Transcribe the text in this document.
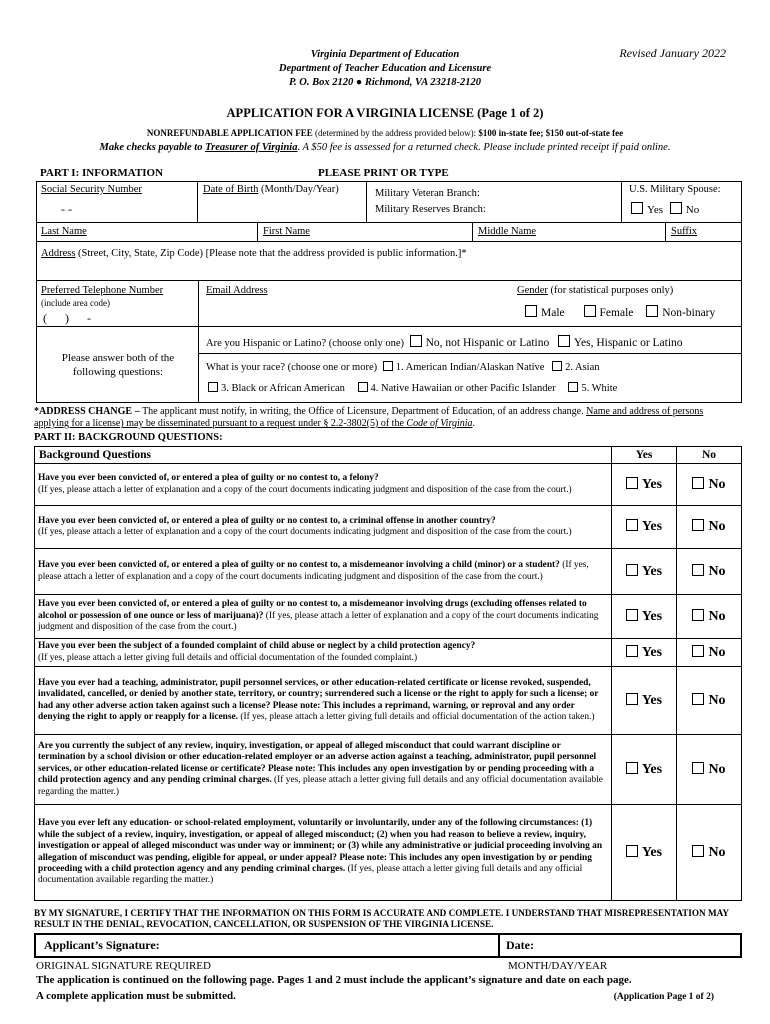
Virginia Department of Education
Department of Teacher Education and Licensure
P. O. Box 2120 ● Richmond, VA 23218-2120
Revised January 2022
APPLICATION FOR A VIRGINIA LICENSE (Page 1 of 2)
NONREFUNDABLE APPLICATION FEE (determined by the address provided below): $100 in-state fee; $150 out-of-state fee
Make checks payable to Treasurer of Virginia. A $50 fee is assessed for a returned check. Please include printed receipt if paid online.
PART I: INFORMATION	PLEASE PRINT OR TYPE
Social Security Number
- -
Date of Birth (Month/Day/Year)	Military Veteran Branch:
Military Reserves Branch:
U.S. Military Spouse:
Yes No
Last Name	First Name	Middle Name	Suffix
Address (Street, City, State, Zip Code) [Please note that the address provided is public information.]*
Preferred Telephone Number
(include area code)
(      )      -
Email Address	Gender (for statistical purposes only)
Male	Female	Non-binary
Please answer both of the following questions:
Are you Hispanic or Latino? (choose only one) No, not Hispanic or Latino Yes, Hispanic or Latino
What is your race? (choose one or more) 1. American Indian/Alaskan Native 2. Asian
3. Black or African American 4. Native Hawaiian or other Pacific Islander 5. White
*ADDRESS CHANGE – The applicant must notify, in writing, the Office of Licensure, Department of Education, of an address change. Name and address of persons applying for a license) may be disseminated pursuant to a request under § 2.2-3802(5) of the Code of Virginia.
PART II: BACKGROUND QUESTIONS:
Background Questions	Yes	No
Have you ever been convicted of, or entered a plea of guilty or no contest to, a felony?
(If yes, please attach a letter of explanation and a copy of the court documents indicating judgment and disposition of the case from the court.)	Yes	No
Have you ever been convicted of, or entered a plea of guilty or no contest to, a criminal offense in another country?
(If yes, please attach a letter of explanation and a copy of the court documents indicating judgment and disposition of the case from the court.)	Yes	No
Have you ever been convicted of, or entered a plea of guilty or no contest to, a misdemeanor involving a child (minor) or a student? (If yes, please attach a letter of explanation and a copy of the court documents indicating judgment and disposition of the case from the court.)	Yes	No
Have you ever been convicted of, or entered a plea of guilty or no contest to, a misdemeanor involving drugs (excluding offenses related to alcohol or possession of one ounce or less of marijuana)? (If yes, please attach a letter of explanation and a copy of the court documents indicating judgment and disposition of the case from the court.)	Yes	No
Have you ever been the subject of a founded complaint of child abuse or neglect by a child protection agency?
(If yes, please attach a letter giving full details and official documentation of the founded complaint.)	Yes	No
Have you ever had a teaching, administrator, pupil personnel services, or other education-related certificate or license revoked, suspended, invalidated, cancelled, or denied by another state, territory, or country; surrendered such a license or the right to apply for such a license; or had any other adverse action taken against such a license? Please note: This includes a reprimand, warning, or reproval and any order denying the right to apply or reapply for a license. (If yes, please attach a letter giving full details and official documentation of the action taken.)	Yes	No
Are you currently the subject of any review, inquiry, investigation, or appeal of alleged misconduct that could warrant discipline or termination by a school division or other education-related employer or an adverse action against a teaching, administrator, pupil personnel services, or other education-related license or certificate? Please note: This includes any open investigation by or pending proceeding with a child protection agency and any pending criminal charges. (If yes, please attach a letter giving full details and any official documentation available regarding the matter.)	Yes	No
Have you ever left any education- or school-related employment, voluntarily or involuntarily, under any of the following circumstances: (1) while the subject of a review, inquiry, investigation, or appeal of alleged misconduct; (2) when you had reason to believe a review, inquiry, investigation or appeal of alleged misconduct was under way or imminent; or (3) while any administrative or judicial proceeding involving an allegation of misconduct was pending, eligible for appeal, or under appeal? Please note: This includes any open investigation by or pending proceeding with a child protection agency and any pending criminal charges. (If yes, please attach a letter giving full details and any official documentation available regarding the matter.)	Yes	No
BY MY SIGNATURE, I CERTIFY THAT THE INFORMATION ON THIS FORM IS ACCURATE AND COMPLETE. I UNDERSTAND THAT MISREPRESENTATION MAY RESULT IN THE DENIAL, REVOCATION, CANCELLATION, OR SUSPENSION OF THE VIRGINIA LICENSE.
Applicant’s Signature:	Date:
ORIGINAL SIGNATURE REQUIRED	MONTH/DAY/YEAR
The application is continued on the following page. Pages 1 and 2 must include the applicant’s signature and date on each page.
A complete application must be submitted.	(Application Page 1 of 2)
